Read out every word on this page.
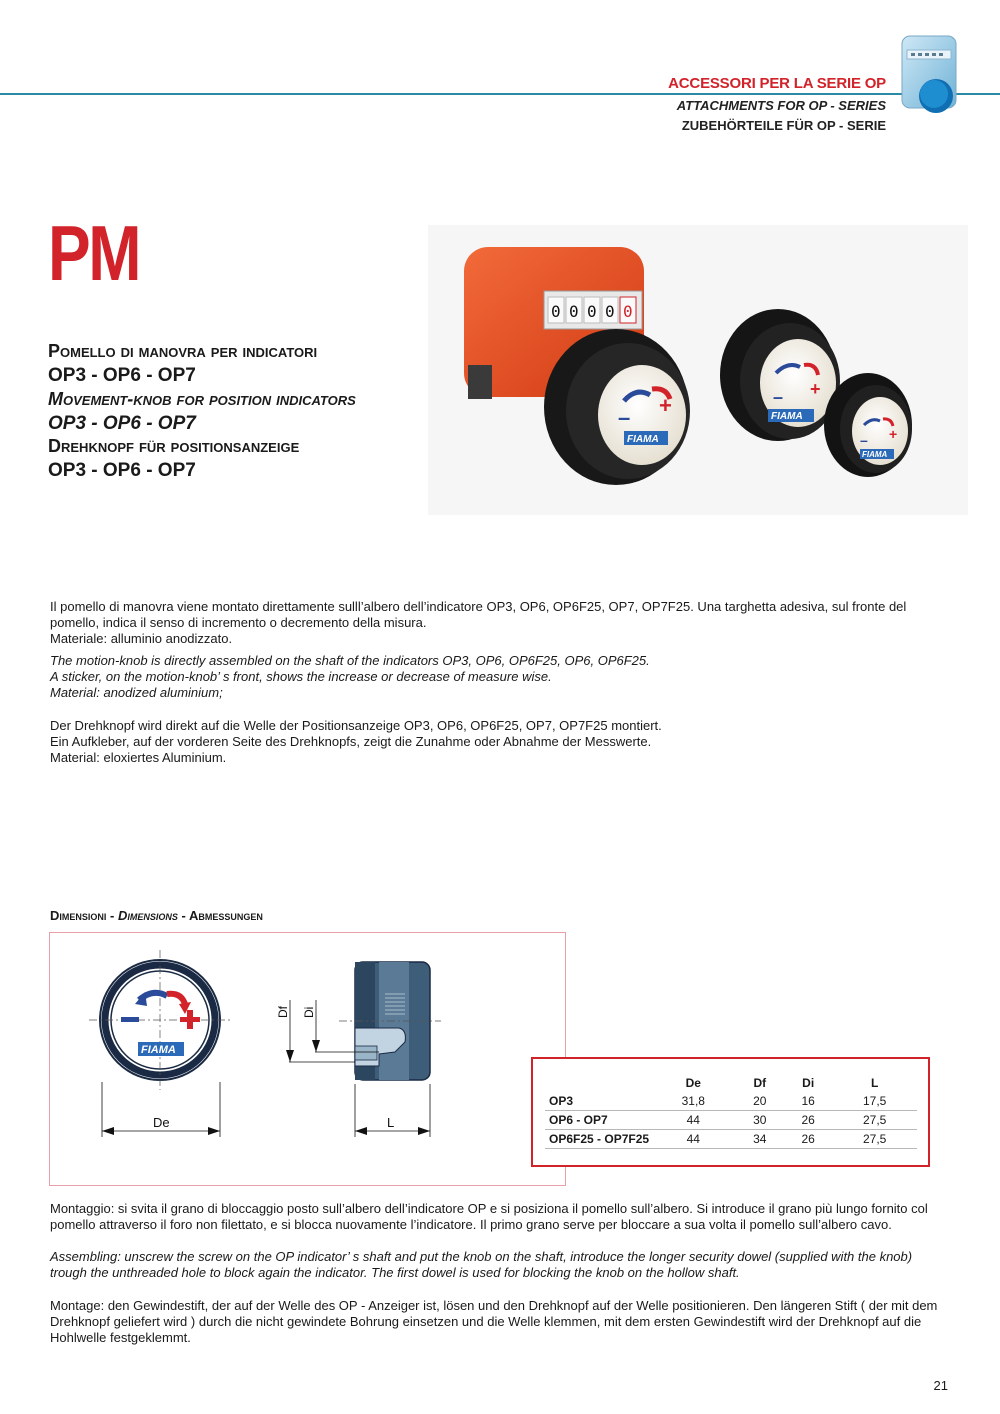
ACCESSORI PER LA SERIE OP
ATTACHMENTS FOR OP - SERIES
ZUBEHÖRTEILE FÜR OP - SERIE
PM
Pomello di manovra per indicatori
OP3 - OP6 - OP7
Movement-knob for position indicators
OP3 - OP6 - OP7
Drehknopf für positionsanzeige
OP3 - OP6 - OP7
0 0 0 0 0
+
–
FIAMA
+
–
FIAMA
+
–
FIAMA

Il pomello di manovra viene montato direttamente sulll’albero dell’indicatore OP3, OP6, OP6F25, OP7, OP7F25. Una targhetta adesiva, sul fronte del pomello, indica il senso di incremento o decremento della misura.

Materiale: alluminio anodizzato.

The motion-knob is directly assembled on the shaft of the indicators OP3, OP6, OP6F25, OP6, OP6F25.

A sticker, on the motion-knob’ s front, shows the increase or decrease of measure wise.

Material: anodized aluminium;

Der Drehknopf wird direkt auf die Welle der Positionsanzeige OP3, OP6, OP6F25, OP7, OP7F25 montiert.

Ein Aufkleber, auf der vorderen Seite des Drehknopfs, zeigt die Zunahme oder Abnahme der Messwerte.

Material: eloxiertes Aluminium.

Dimensioni - Dimensions - Abmessungen
FIAMA
De
Df Di
L
	De	Df	Di	L
OP3	31,8	20	16	17,5
OP6 - OP7	44	30	26	27,5
OP6F25 - OP7F25	44	34	26	27,5

Montaggio: si svita il grano di bloccaggio posto sull’albero dell’indicatore OP e si posiziona il pomello sull’albero. Si introduce il grano più lungo fornito col pomello attraverso il foro non filettato, e si blocca nuovamente l’indicatore. Il primo grano serve per bloccare a sua volta il pomello sull’albero cavo.

Assembling: unscrew the screw on the OP indicator’ s shaft and put the knob on the shaft, introduce the longer security dowel (supplied with the knob) trough the unthreaded hole to block again the indicator. The first dowel is used for blocking the knob on the hollow shaft.

Montage: den Gewindestift, der auf der Welle des OP - Anzeiger ist, lösen und den Drehknopf auf der Welle positionieren. Den längeren Stift ( der mit dem Drehknopf geliefert wird ) durch die nicht gewindete Bohrung einsetzen und die Welle klemmen, mit dem ersten Gewindestift wird der Drehknopf auf die Hohlwelle festgeklemmt.

21
